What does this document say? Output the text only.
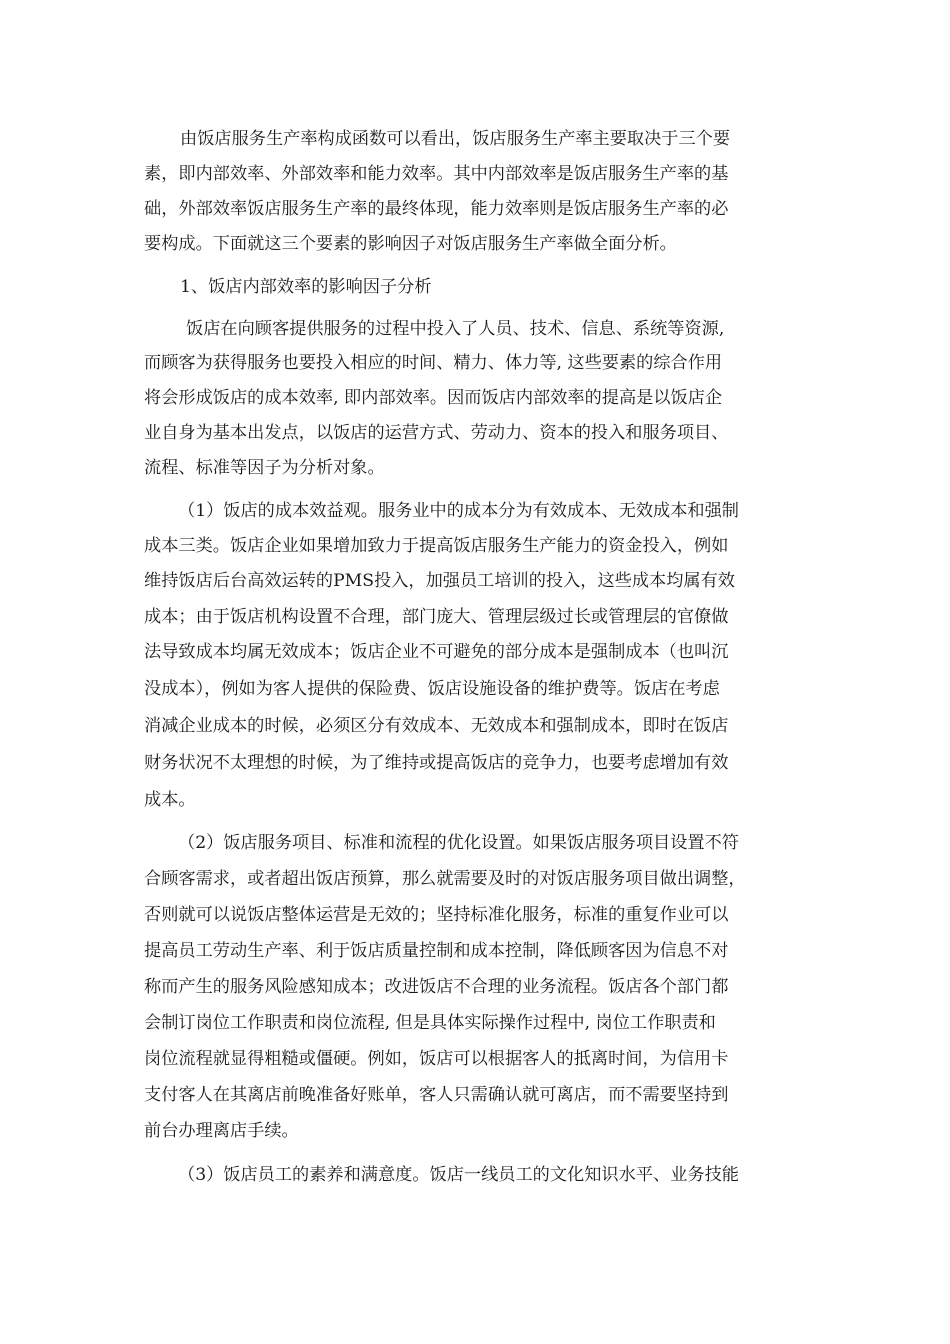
由饭店服务生产率构成函数可以看出，饭店服务生产率主要取决于三个要
素，即内部效率、外部效率和能力效率。其中内部效率是饭店服务生产率的基
础，外部效率饭店服务生产率的最终体现，能力效率则是饭店服务生产率的必
要构成。下面就这三个要素的影响因子对饭店服务生产率做全面分析。
1、饭店内部效率的影响因子分析
饭店在向顾客提供服务的过程中投入了人员、技术、信息、系统等资源,
而顾客为获得服务也要投入相应的时间、精力、体力等, 这些要素的综合作用
将会形成饭店的成本效率, 即内部效率。因而饭店内部效率的提高是以饭店企
业自身为基本出发点，以饭店的运营方式、劳动力、资本的投入和服务项目、
流程、标准等因子为分析对象。
（1）饭店的成本效益观。服务业中的成本分为有效成本、无效成本和强制
成本三类。饭店企业如果增加致力于提高饭店服务生产能力的资金投入，例如
维持饭店后台高效运转的PMS投入，加强员工培训的投入，这些成本均属有效
成本；由于饭店机构设置不合理，部门庞大、管理层级过长或管理层的官僚做
法导致成本均属无效成本；饭店企业不可避免的部分成本是强制成本（也叫沉
没成本），例如为客人提供的保险费、饭店设施设备的维护费等。饭店在考虑
消减企业成本的时候，必须区分有效成本、无效成本和强制成本，即时在饭店
财务状况不太理想的时候，为了维持或提高饭店的竞争力，也要考虑增加有效
成本。
（2）饭店服务项目、标准和流程的优化设置。如果饭店服务项目设置不符
合顾客需求，或者超出饭店预算，那么就需要及时的对饭店服务项目做出调整，
否则就可以说饭店整体运营是无效的；坚持标准化服务，标准的重复作业可以
提高员工劳动生产率、利于饭店质量控制和成本控制，降低顾客因为信息不对
称而产生的服务风险感知成本；改进饭店不合理的业务流程。饭店各个部门都
会制订岗位工作职责和岗位流程, 但是具体实际操作过程中, 岗位工作职责和
岗位流程就显得粗糙或僵硬。例如，饭店可以根据客人的抵离时间，为信用卡
支付客人在其离店前晚准备好账单，客人只需确认就可离店，而不需要坚持到
前台办理离店手续。
（3）饭店员工的素养和满意度。饭店一线员工的文化知识水平、业务技能
